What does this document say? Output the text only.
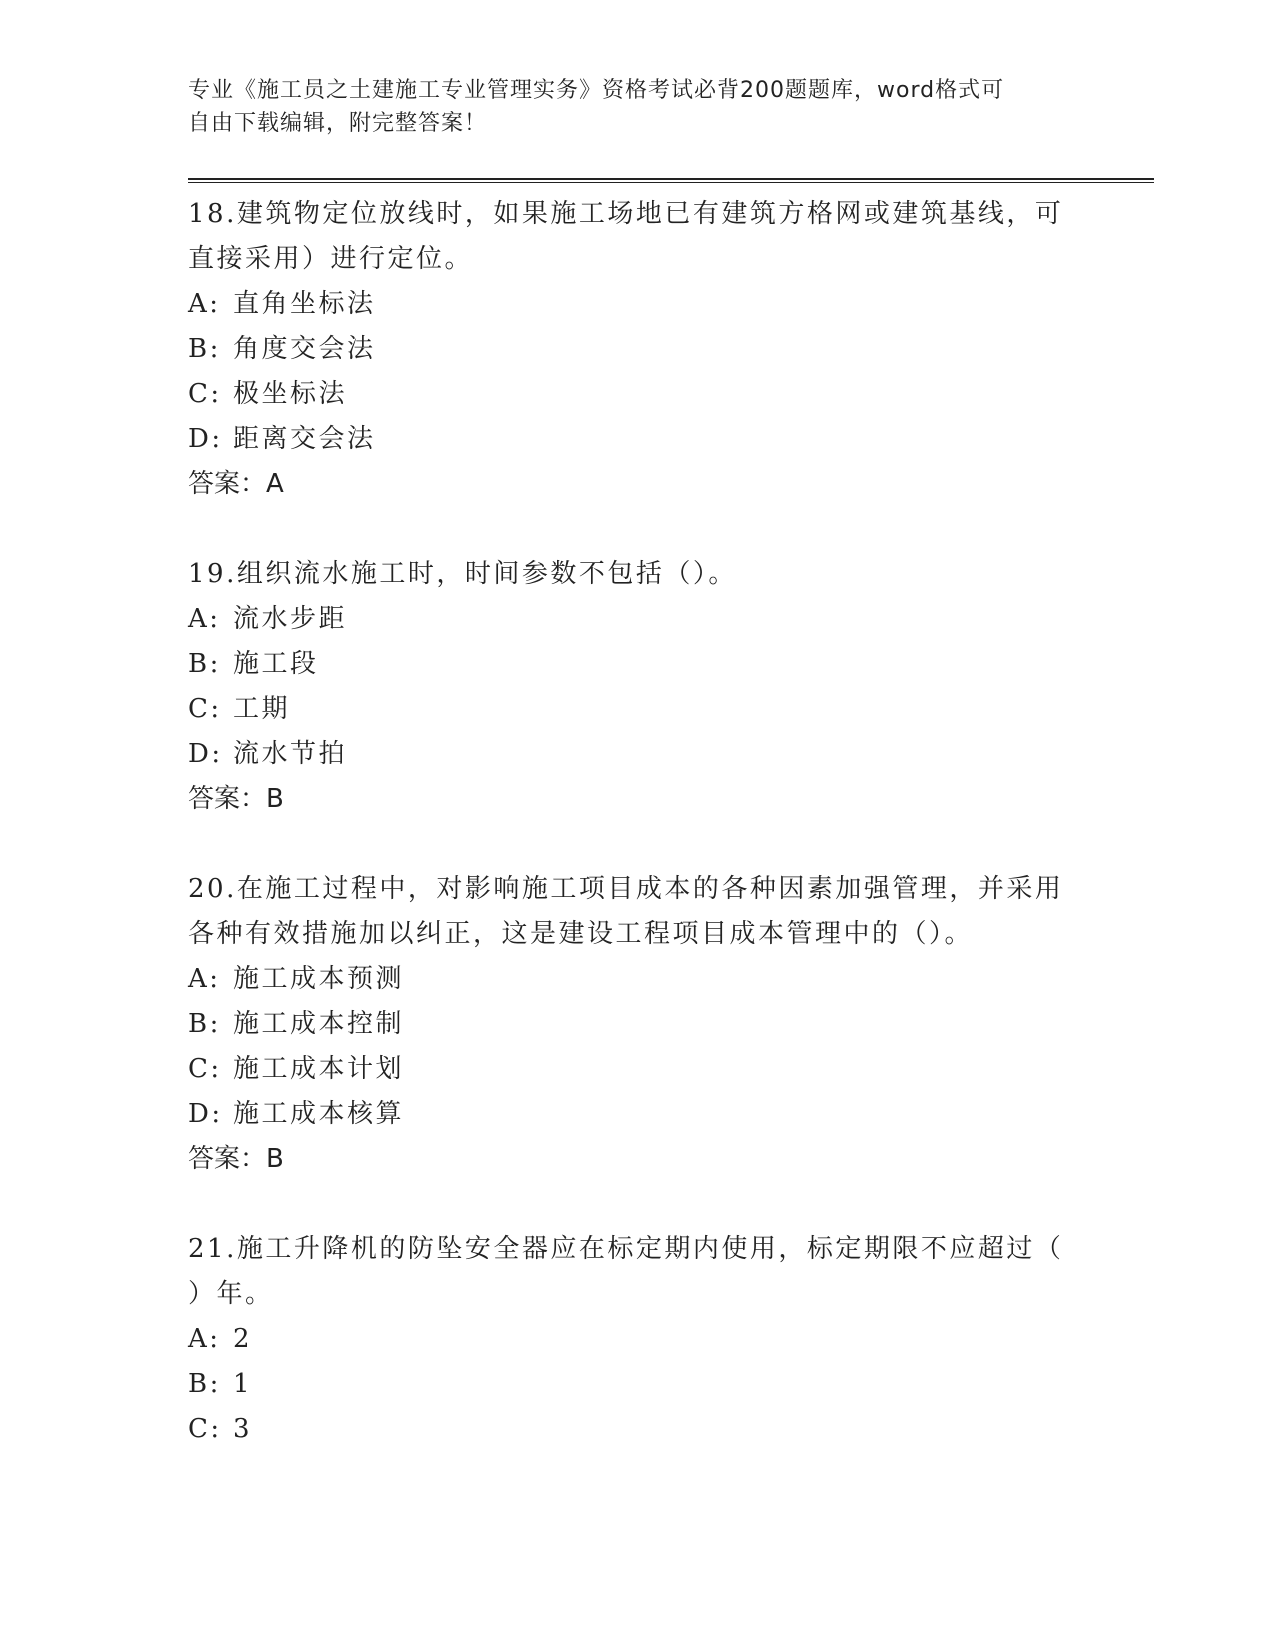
专业《施工员之土建施工专业管理实务》资格考试必背200题题库，word格式可
自由下载编辑，附完整答案！

18.建筑物定位放线时，如果施工场地已有建筑方格网或建筑基线，可
直接采用）进行定位。

A: 直角坐标法

B: 角度交会法

C: 极坐标法

D: 距离交会法

答案：A

19.组织流水施工时，时间参数不包括（）。

A: 流水步距

B: 施工段

C: 工期

D: 流水节拍

答案：B

20.在施工过程中，对影响施工项目成本的各种因素加强管理，并采用
各种有效措施加以纠正，这是建设工程项目成本管理中的（）。

A: 施工成本预测

B: 施工成本控制

C: 施工成本计划

D: 施工成本核算

答案：B

21.施工升降机的防坠安全器应在标定期内使用，标定期限不应超过（
）年。

A: 2

B: 1

C: 3
